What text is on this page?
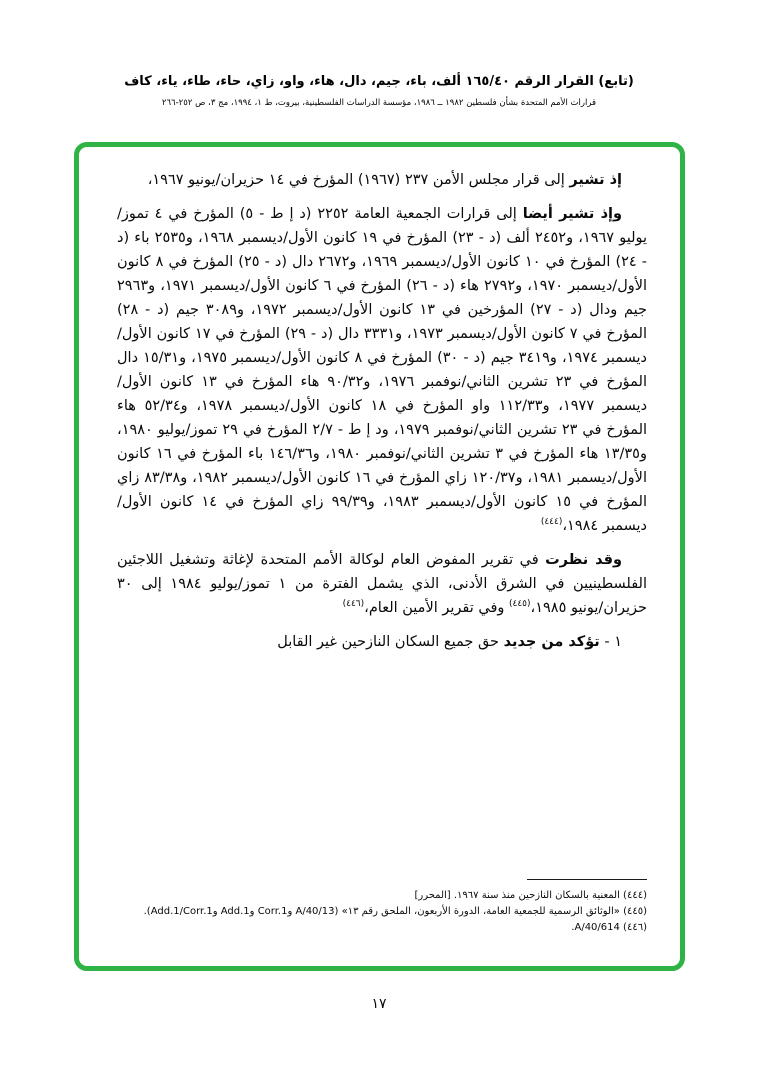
(تابع) القرار الرقم ١٦٥/٤٠ ألف، باء، جيم، دال، هاء، واو، زاي، حاء، طاء، ياء، كاف
قرارات الأمم المتحدة بشأن فلسطين ١٩٨٢ ــ ١٩٨٦، مؤسسة الدراسات الفلسطينية، بيروت، ط ١، ١٩٩٤، مج ٣، ص ٢٥٢-٢٦٦

إذ تشير إلى قرار مجلس الأمن ٢٣٧ (١٩٦٧) المؤرخ في ١٤ حزيران/يونيو ١٩٦٧،

وإذ تشير أيضا إلى قرارات الجمعية العامة ٢٢٥٢ (د إ ط - ٥) المؤرخ في ٤ تموز/يوليو ١٩٦٧، و٢٤٥٢ ألف (د - ٢٣) المؤرخ في ١٩ كانون الأول/ديسمبر ١٩٦٨، و٢٥٣٥ باء (د - ٢٤) المؤرخ في ١٠ كانون الأول/ديسمبر ١٩٦٩، و٢٦٧٢ دال (د - ٢٥) المؤرخ في ٨ كانون الأول/ديسمبر ١٩٧٠، و٢٧٩٢ هاء (د - ٢٦) المؤرخ في ٦ كانون الأول/ديسمبر ١٩٧١، و٢٩٦٣ جيم ودال (د - ٢٧) المؤرخين في ١٣ كانون الأول/ديسمبر ١٩٧٢، و٣٠٨٩ جيم (د - ٢٨) المؤرخ في ٧ كانون الأول/ديسمبر ١٩٧٣، و٣٣٣١ دال (د - ٢٩) المؤرخ في ١٧ كانون الأول/ديسمبر ١٩٧٤، و٣٤١٩ جيم (د - ٣٠) المؤرخ في ٨ كانون الأول/ديسمبر ١٩٧٥، و١٥/٣١ دال المؤرخ في ٢٣ تشرين الثاني/نوفمبر ١٩٧٦، و٩٠/٣٢ هاء المؤرخ في ١٣ كانون الأول/ديسمبر ١٩٧٧، و١١٢/٣٣ واو المؤرخ في ١٨ كانون الأول/ديسمبر ١٩٧٨، و٥٢/٣٤ هاء المؤرخ في ٢٣ تشرين الثاني/نوفمبر ١٩٧٩، ود إ ط - ٢/٧ المؤرخ في ٢٩ تموز/يوليو ١٩٨٠، و١٣/٣٥ هاء المؤرخ في ٣ تشرين الثاني/نوفمبر ١٩٨٠، و١٤٦/٣٦ باء المؤرخ في ١٦ كانون الأول/ديسمبر ١٩٨١، و١٢٠/٣٧ زاي المؤرخ في ١٦ كانون الأول/ديسمبر ١٩٨٢، و٨٣/٣٨ زاي المؤرخ في ١٥ كانون الأول/ديسمبر ١٩٨٣، و٩٩/٣٩ زاي المؤرخ في ١٤ كانون الأول/ديسمبر ١٩٨٤،$^{(٤٤٤)}$

وقد نظرت في تقرير المفوض العام لوكالة الأمم المتحدة لإغاثة وتشغيل اللاجئين الفلسطينيين في الشرق الأدنى، الذي يشمل الفترة من ١ تموز/يوليو ١٩٨٤ إلى ٣٠ حزيران/يونيو ١٩٨٥،$^{(٤٤٥)}$ وفي تقرير الأمين العام،$^{(٤٤٦)}$

١ - تؤكد من جديد حق جميع السكان النازحين غير القابل

(٤٤٤) المعنية بالسكان النازحين منذ سنة ١٩٦٧. [المحرر]

(٤٤٥) «الوثائق الرسمية للجمعية العامة، الدورة الأربعون، الملحق رقم ١٣» (A/40/13 وCorr.1 وAdd.1 وAdd.1/Corr.1).

(٤٤٦) A/40/614.

١٧
